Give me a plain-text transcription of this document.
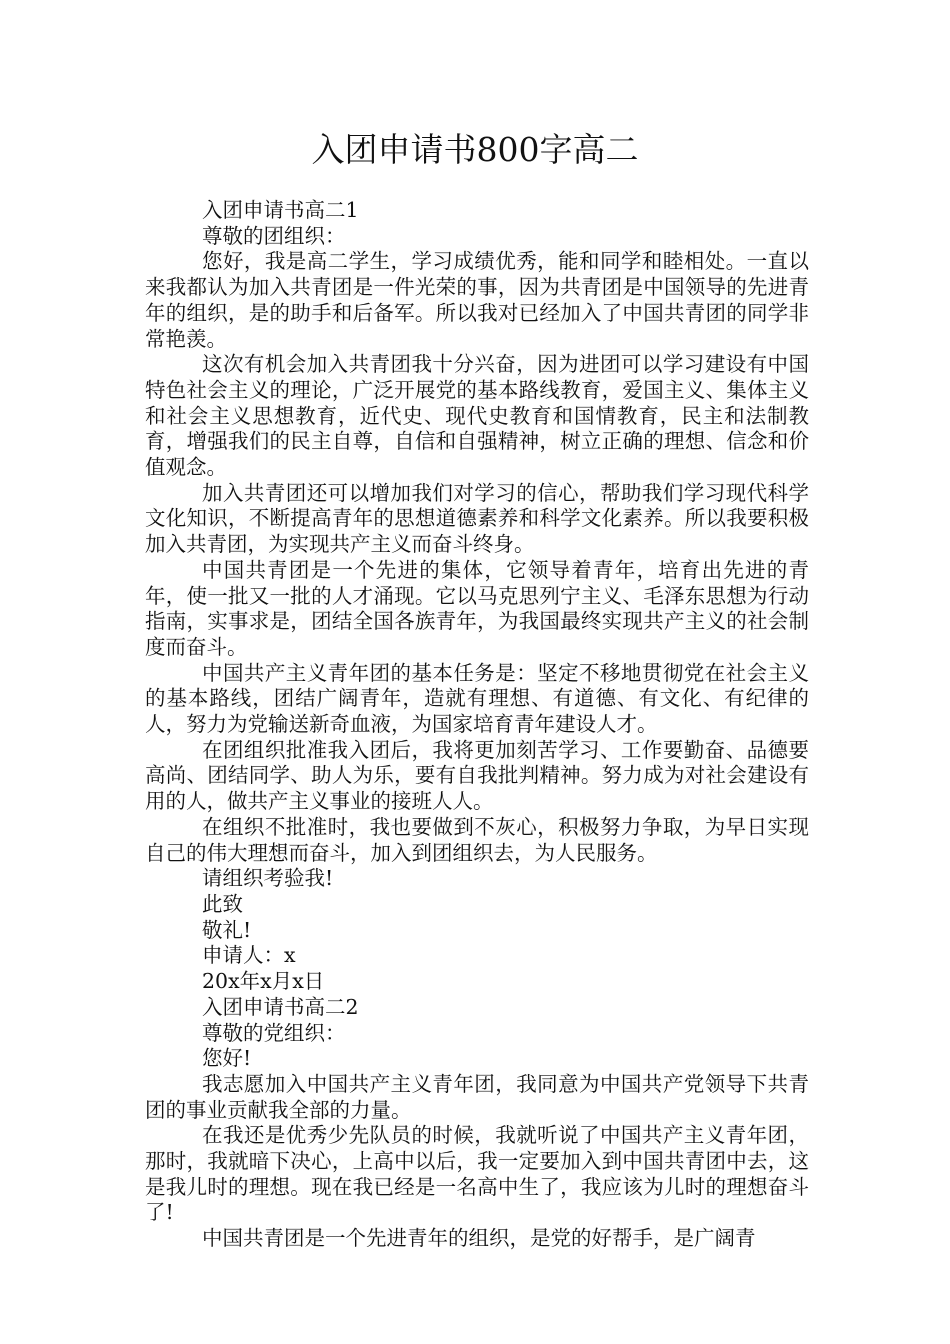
入团申请书800字高二

入团申请书高二1

尊敬的团组织：

您好，我是高二学生，学习成绩优秀，能和同学和睦相处。一直以来我都认为加入共青团是一件光荣的事，因为共青团是中国领导的先进青年的组织，是的助手和后备军。所以我对已经加入了中国共青团的同学非常艳羡。

这次有机会加入共青团我十分兴奋，因为进团可以学习建设有中国特色社会主义的理论，广泛开展党的基本路线教育，爱国主义、集体主义和社会主义思想教育，近代史、现代史教育和国情教育，民主和法制教育，增强我们的民主自尊，自信和自强精神，树立正确的理想、信念和价值观念。

加入共青团还可以增加我们对学习的信心，帮助我们学习现代科学文化知识，不断提高青年的思想道德素养和科学文化素养。所以我要积极加入共青团，为实现共产主义而奋斗终身。

中国共青团是一个先进的集体，它领导着青年，培育出先进的青年，使一批又一批的人才涌现。它以马克思列宁主义、毛泽东思想为行动指南，实事求是，团结全国各族青年，为我国最终实现共产主义的社会制度而奋斗。

中国共产主义青年团的基本任务是：坚定不移地贯彻党在社会主义的基本路线，团结广阔青年，造就有理想、有道德、有文化、有纪律的人，努力为党输送新奇血液，为国家培育青年建设人才。

在团组织批准我入团后，我将更加刻苦学习、工作要勤奋、品德要高尚、团结同学、助人为乐，要有自我批判精神。努力成为对社会建设有用的人，做共产主义事业的接班人人。

在组织不批准时，我也要做到不灰心，积极努力争取，为早日实现自己的伟大理想而奋斗，加入到团组织去，为人民服务。

请组织考验我!

此致

敬礼!

申请人：x

20x年x月x日

入团申请书高二2

尊敬的党组织：

您好!

我志愿加入中国共产主义青年团，我同意为中国共产党领导下共青团的事业贡献我全部的力量。

在我还是优秀少先队员的时候，我就听说了中国共产主义青年团，那时，我就暗下决心，上高中以后，我一定要加入到中国共青团中去，这是我儿时的理想。现在我已经是一名高中生了，我应该为儿时的理想奋斗了!

中国共青团是一个先进青年的组织，是党的好帮手，是广阔青
